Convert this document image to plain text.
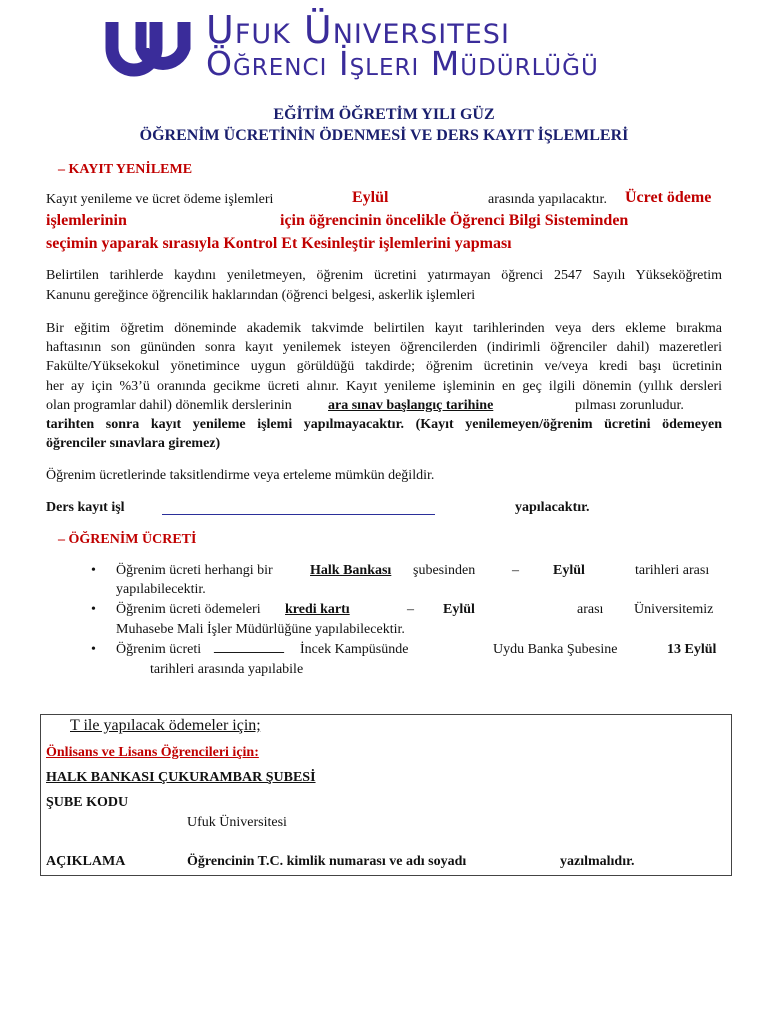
Ufuk Üniversitesi
Öğrenci İşleri Müdürlüğü
EĞİTİM ÖĞRETİM YILI GÜZ
ÖĞRENİM ÜCRETİNİN ÖDENMESİ VE DERS KAYIT İŞLEMLERİ
– KAYIT YENİLEME
Kayıt yenileme ve ücret ödeme işlemleri	Eylül	arasında yapılacaktır. Ücret ödeme
işlemlerinin	için öğrencinin öncelikle Öğrenci Bilgi Sisteminden
seçimin yaparak sırasıyla Kontrol Et Kesinleştir işlemlerini yapması
Belirtilen tarihlerde kaydını yeniletmeyen, öğrenim ücretini yatırmayan öğrenci 2547 Sayılı Yükseköğretim
Kanunu gereğince öğrencilik haklarından (öğrenci belgesi, askerlik işlemleri
Bir eğitim öğretim döneminde akademik takvimde belirtilen kayıt tarihlerinden veya ders ekleme bırakma
haftasının son gününden sonra kayıt yenilemek isteyen öğrencilerden (indirimli öğrenciler dahil) mazeretleri
Fakülte/Yüksekokul yönetimince uygun görüldüğü takdirde; öğrenim ücretinin ve/veya kredi başı ücretinin
her ay için %3’ü oranında gecikme ücreti alınır. Kayıt yenileme işleminin en geç ilgili dönemin (yıllık dersleri
olan programlar dahil) dönemlik derslerinin	ara sınav başlangıç tarihine	pılması zorunludur.
tarihten sonra kayıt yenileme işlemi yapılmayacaktır. (Kayıt yenilemeyen/öğrenim ücretini ödemeyen
öğrenciler sınavlara giremez)
Öğrenim ücretlerinde taksitlendirme veya erteleme mümkün değildir.
Ders kayıt işl	yapılacaktır.
– ÖĞRENİM ÜCRETİ
• Öğrenim ücreti herhangi bir	Halk Bankası şubesinden	– Eylül	tarihleri arası
yapılabilecektir.
• Öğrenim ücreti ödemeleri kredi kartı	– Eylül	arası Üniversitemiz
Muhasebe Mali İşler Müdürlüğüne yapılabilecektir.
• Öğrenim ücreti __________ İncek Kampüsünde	Uydu Banka Şubesine	13 Eylül
tarihleri arasında yapılabile
T ile yapılacak ödemeler için;
Önlisans ve Lisans Öğrencileri için:
HALK BANKASI ÇUKURAMBAR ŞUBESİ
ŞUBE KODU
Ufuk Üniversitesi
AÇIKLAMA	Öğrencinin T.C. kimlik numarası ve adı soyadı	yazılmalıdır.
